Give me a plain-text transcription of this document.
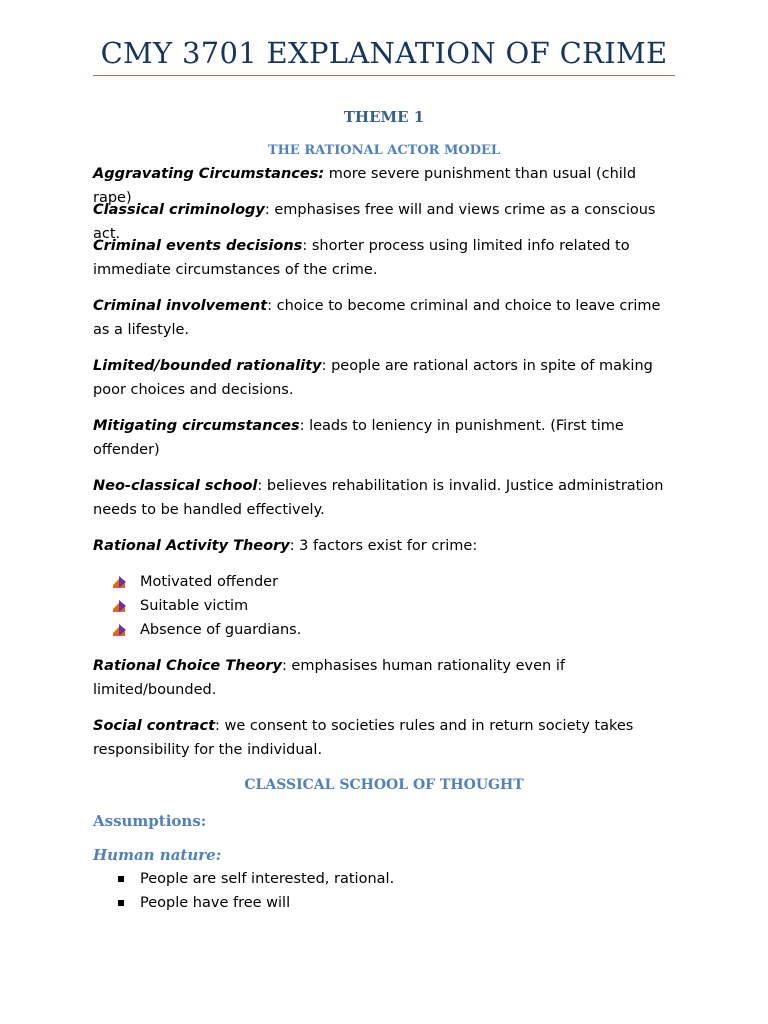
CMY 3701 EXPLANATION OF CRIME
THEME 1
THE RATIONAL ACTOR MODEL

Aggravating Circumstances: more severe punishment than usual (child rape)

Classical criminology: emphasises free will and views crime as a conscious act.

Criminal events decisions: shorter process using limited info related to immediate circumstances of the crime.

Criminal involvement: choice to become criminal and choice to leave crime as a lifestyle.

Limited/bounded rationality: people are rational actors in spite of making poor choices and decisions.

Mitigating circumstances: leads to leniency in punishment. (First time offender)

Neo-classical school: believes rehabilitation is invalid. Justice administration needs to be handled effectively.

Rational Activity Theory: 3 factors exist for crime:

Motivated offender
Suitable victim
Absence of guardians.

Rational Choice Theory: emphasises human rationality even if limited/bounded.

Social contract: we consent to societies rules and in return society takes responsibility for the individual.

CLASSICAL SCHOOL OF THOUGHT
Assumptions:
Human nature:
People are self interested, rational.
People have free will
